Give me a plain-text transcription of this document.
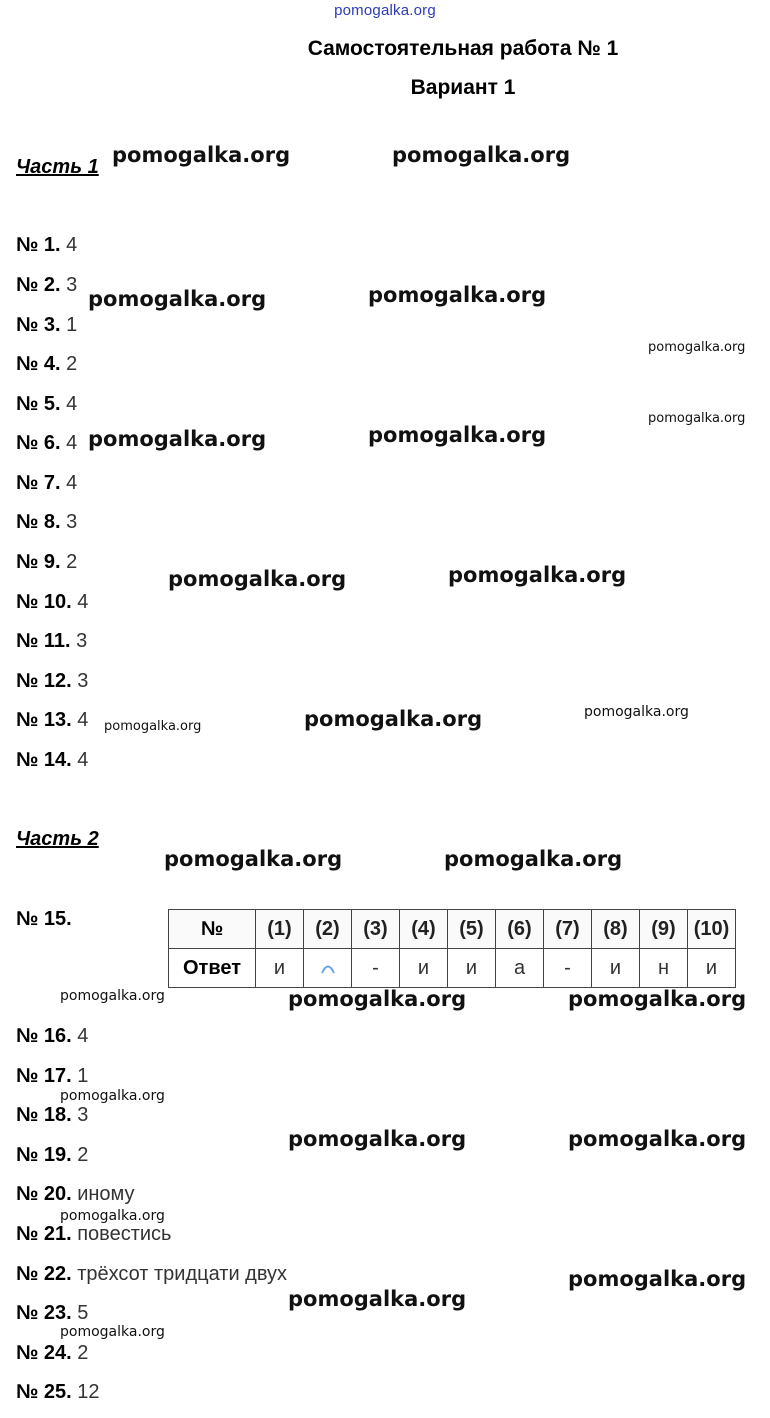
pomogalka.org
Самостоятельная работа № 1
Вариант 1
Часть 1
№ 1. 4
№ 2. 3
№ 3. 1
№ 4. 2
№ 5. 4
№ 6. 4
№ 7. 4
№ 8. 3
№ 9. 2
№ 10. 4
№ 11. 3
№ 12. 3
№ 13. 4
№ 14. 4
Часть 2
№ 15.	№	(1)	(2)	(3)	(4)	(5)	(6)	(7)	(8)	(9)	(10)
Ответ	и		-	и	и	а	-	и	н	и
№ 16. 4
№ 17. 1
№ 18. 3
№ 19. 2
№ 20. иному
№ 21. повестись
№ 22. трёхсот тридцати двух
№ 23. 5
№ 24. 2
№ 25. 12
pomogalka.org	pomogalka.org
pomogalka.org	pomogalka.org
pomogalka.org
pomogalka.org	pomogalka.org
pomogalka.org
pomogalka.org	pomogalka.org
pomogalka.org	pomogalka.org	pomogalka.org
pomogalka.org	pomogalka.org
pomogalka.org	pomogalka.org	pomogalka.org
pomogalka.org
pomogalka.org	pomogalka.org
pomogalka.org
pomogalka.org
pomogalka.org
pomogalka.org
